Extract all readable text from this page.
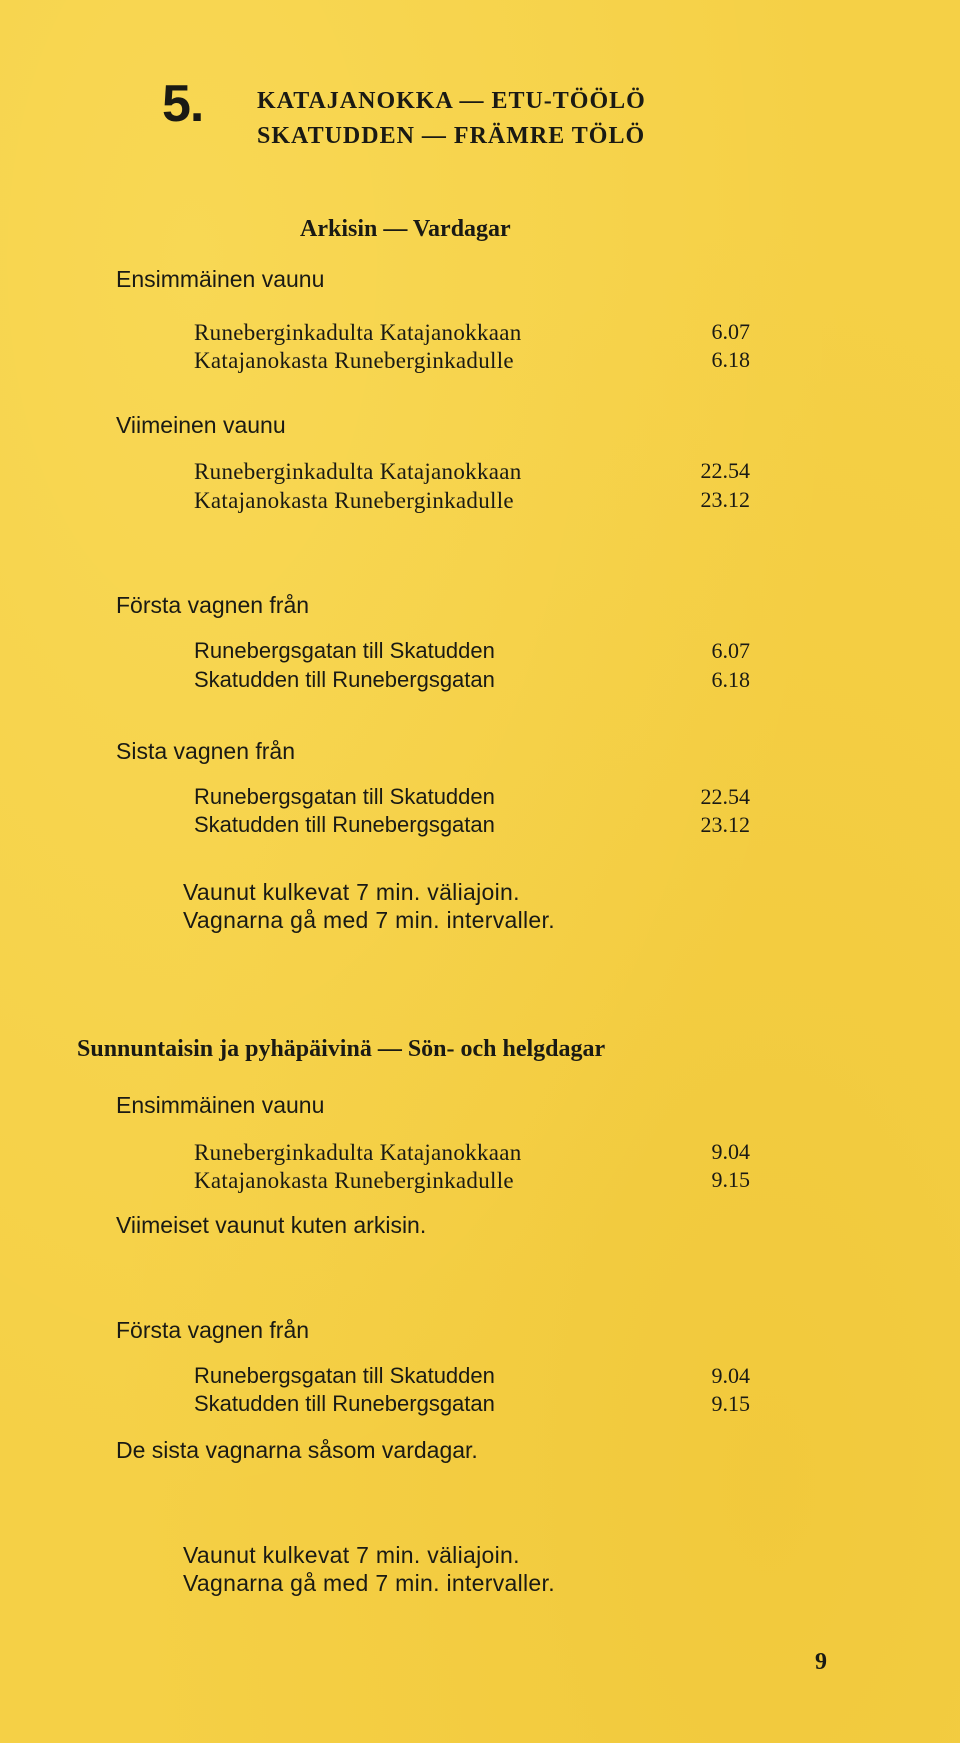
5. KATAJANOKKA — ETU-TÖÖLÖ
SKATUDDEN — FRÄMRE TÖLÖ
Arkisin — Vardagar
Ensimmäinen vaunu
Runeberginkadulta Katajanokkaan	6.07
Katajanokasta Runeberginkadulle	6.18
Viimeinen vaunu
Runeberginkadulta Katajanokkaan	22.54
Katajanokasta Runeberginkadulle	23.12
Första vagnen från
Runebergsgatan till Skatudden	6.07
Skatudden till Runebergsgatan	6.18
Sista vagnen från
Runebergsgatan till Skatudden	22.54
Skatudden till Runebergsgatan	23.12
Vaunut kulkevat 7 min. väliajoin.
Vagnarna gå med 7 min. intervaller.
Sunnuntaisin ja pyhäpäivinä — Sön- och helgdagar
Ensimmäinen vaunu
Runeberginkadulta Katajanokkaan	9.04
Katajanokasta Runeberginkadulle	9.15
Viimeiset vaunut kuten arkisin.
Första vagnen från
Runebergsgatan till Skatudden	9.04
Skatudden till Runebergsgatan	9.15
De sista vagnarna såsom vardagar.
Vaunut kulkevat 7 min. väliajoin.
Vagnarna gå med 7 min. intervaller.
9
